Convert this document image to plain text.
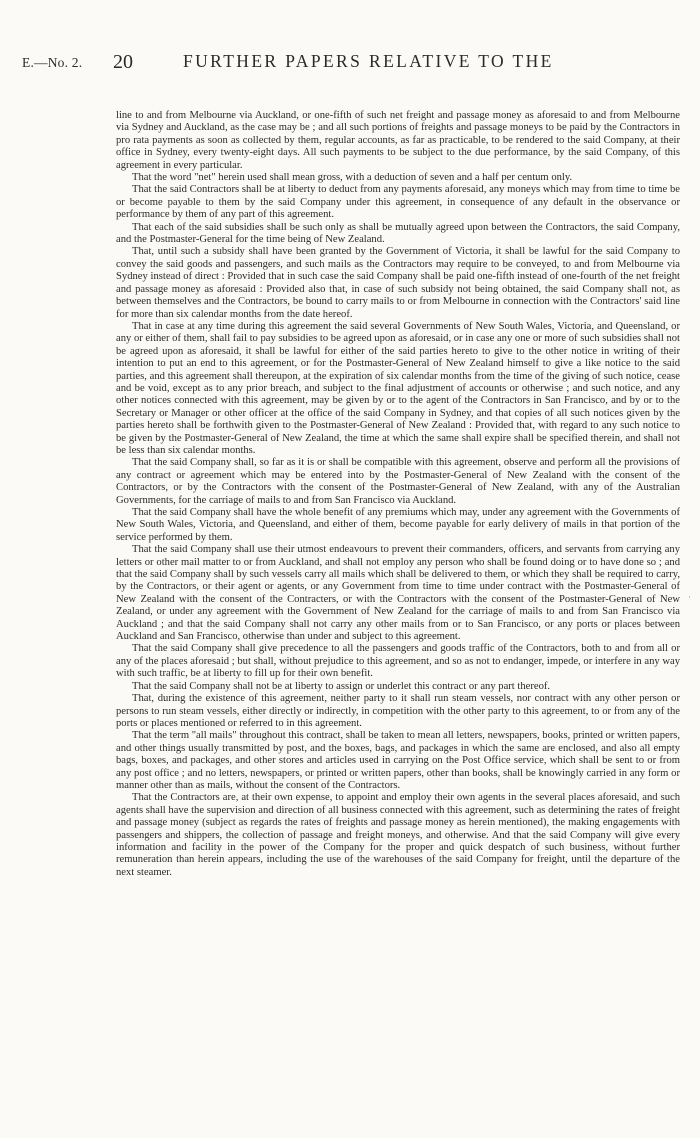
E.—No. 2. 20	FURTHER PAPERS RELATIVE TO THE

line to and from Melbourne via Auckland, or one-fifth of such net freight and passage money as aforesaid to and from Melbourne via Sydney and Auckland, as the case may be ; and all such portions of freights and passage moneys to be paid by the Contractors in pro rata payments as soon as collected by them, regular accounts, as far as practicable, to be rendered to the said Company, at their office in Sydney, every twenty-eight days. All such payments to be subject to the due performance, by the said Company, of this agreement in every particular.

That the word "net" herein used shall mean gross, with a deduction of seven and a half per centum only.

That the said Contractors shall be at liberty to deduct from any payments aforesaid, any moneys which may from time to time be or become payable to them by the said Company under this agreement, in consequence of any default in the observance or performance by them of any part of this agreement.

That each of the said subsidies shall be such only as shall be mutually agreed upon between the Contractors, the said Company, and the Postmaster-General for the time being of New Zealand.

That, until such a subsidy shall have been granted by the Government of Victoria, it shall be lawful for the said Company to convey the said goods and passengers, and such mails as the Contractors may require to be conveyed, to and from Melbourne via Sydney instead of direct : Provided that in such case the said Company shall be paid one-fifth instead of one-fourth of the net freight and passage money as aforesaid : Provided also that, in case of such subsidy not being obtained, the said Company shall not, as between themselves and the Contractors, be bound to carry mails to or from Melbourne in connection with the Contractors' said line for more than six calendar months from the date hereof.

That in case at any time during this agreement the said several Governments of New South Wales, Victoria, and Queensland, or any or either of them, shall fail to pay subsidies to be agreed upon as aforesaid, or in case any one or more of such subsidies shall not be agreed upon as aforesaid, it shall be lawful for either of the said parties hereto to give to the other notice in writing of their intention to put an end to this agreement, or for the Postmaster-General of New Zealand himself to give a like notice to the said parties, and this agreement shall thereupon, at the expiration of six calendar months from the time of the giving of such notice, cease and be void, except as to any prior breach, and subject to the final adjustment of accounts or otherwise ; and such notice, and any other notices connected with this agreement, may be given by or to the agent of the Contractors in San Francisco, and by or to the Secretary or Manager or other officer at the office of the said Company in Sydney, and that copies of all such notices given by the parties hereto shall be forthwith given to the Postmaster-General of New Zealand : Provided that, with regard to any such notice to be given by the Postmaster-General of New Zealand, the time at which the same shall expire shall be specified therein, and shall not be less than six calendar months.

That the said Company shall, so far as it is or shall be compatible with this agreement, observe and perform all the provisions of any contract or agreement which may be entered into by the Postmaster-General of New Zealand with the consent of the Contractors, or by the Contractors with the consent of the Postmaster-General of New Zealand, with any of the Australian Governments, for the carriage of mails to and from San Francisco via Auckland.

That the said Company shall have the whole benefit of any premiums which may, under any agreement with the Governments of New South Wales, Victoria, and Queensland, and either of them, become payable for early delivery of mails in that portion of the service performed by them.

That the said Company shall use their utmost endeavours to prevent their commanders, officers, and servants from carrying any letters or other mail matter to or from Auckland, and shall not employ any person who shall be found doing or to have done so ; and that the said Company shall by such vessels carry all mails which shall be delivered to them, or which they shall be required to carry, by the Contractors, or their agent or agents, or any Government from time to time under contract with the Postmaster-General of New Zealand with the consent of the Contracters, or with the Contractors with the consent of the Postmaster-General of New Zealand, or under any agreement with the Government of New Zealand for the carriage of mails to and from San Francisco via Auckland ; and that the said Company shall not carry any other mails from or to San Francisco, or any ports or places between Auckland and San Francisco, otherwise than under and subject to this agreement.

That the said Company shall give precedence to all the passengers and goods traffic of the Contractors, both to and from all or any of the places aforesaid ; but shall, without prejudice to this agreement, and so as not to endanger, impede, or interfere in any way with such traffic, be at liberty to fill up for their own benefit.

That the said Company shall not be at liberty to assign or underlet this contract or any part thereof.

That, during the existence of this agreement, neither party to it shall run steam vessels, nor contract with any other person or persons to run steam vessels, either directly or indirectly, in competition with the other party to this agreement, to or from any of the ports or places mentioned or referred to in this agreement.

That the term "all mails" throughout this contract, shall be taken to mean all letters, newspapers, books, printed or written papers, and other things usually transmitted by post, and the boxes, bags, and packages in which the same are enclosed, and also all empty bags, boxes, and packages, and other stores and articles used in carrying on the Post Office service, which shall be sent to or from any post office ; and no letters, newspapers, or printed or written papers, other than books, shall be knowingly carried in any form or manner other than as mails, without the consent of the Contractors.

That the Contractors are, at their own expense, to appoint and employ their own agents in the several places aforesaid, and such agents shall have the supervision and direction of all business connected with this agreement, such as determining the rates of freight and passage money (subject as regards the rates of freights and passage money as herein mentioned), the making engagements with passengers and shippers, the collection of passage and freight moneys, and otherwise. And that the said Company will give every information and facility in the power of the Company for the proper and quick despatch of such business, without further remuneration than herein appears, including the use of the warehouses of the said Company for freight, until the departure of the next steamer.

·
